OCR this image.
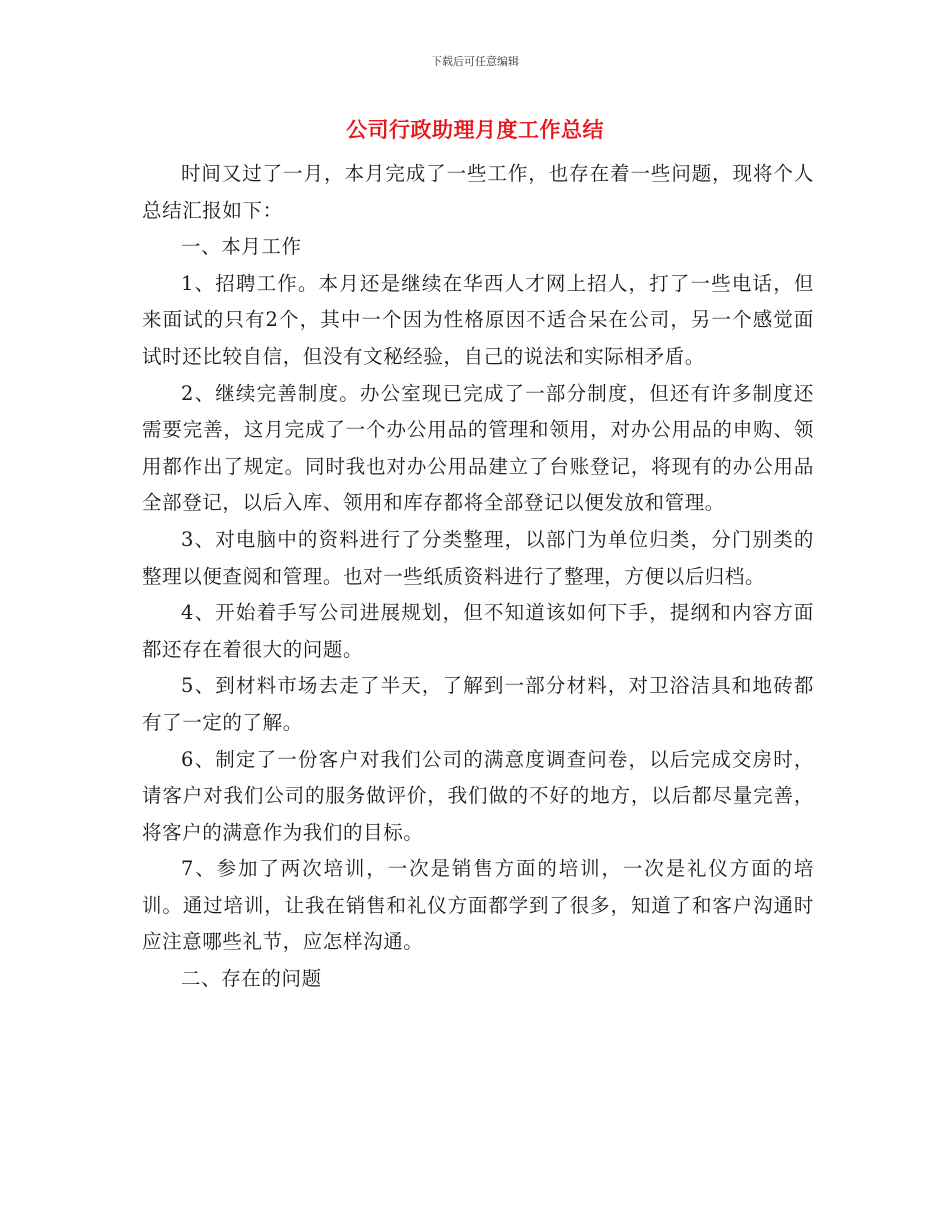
下载后可任意编辑
公司行政助理月度工作总结

时间又过了一月，本月完成了一些工作，也存在着一些问题，现将个人总结汇报如下：

一、本月工作

1、招聘工作。本月还是继续在华西人才网上招人，打了一些电话，但来面试的只有2个，其中一个因为性格原因不适合呆在公司，另一个感觉面试时还比较自信，但没有文秘经验，自己的说法和实际相矛盾。

2、继续完善制度。办公室现已完成了一部分制度，但还有许多制度还需要完善，这月完成了一个办公用品的管理和领用，对办公用品的申购、领用都作出了规定。同时我也对办公用品建立了台账登记，将现有的办公用品全部登记，以后入库、领用和库存都将全部登记以便发放和管理。

3、对电脑中的资料进行了分类整理，以部门为单位归类，分门别类的整理以便查阅和管理。也对一些纸质资料进行了整理，方便以后归档。

4、开始着手写公司进展规划，但不知道该如何下手，提纲和内容方面都还存在着很大的问题。

5、到材料市场去走了半天，了解到一部分材料，对卫浴洁具和地砖都有了一定的了解。

6、制定了一份客户对我们公司的满意度调查问卷，以后完成交房时，请客户对我们公司的服务做评价，我们做的不好的地方，以后都尽量完善，将客户的满意作为我们的目标。

7、参加了两次培训，一次是销售方面的培训，一次是礼仪方面的培训。通过培训，让我在销售和礼仪方面都学到了很多，知道了和客户沟通时应注意哪些礼节，应怎样沟通。

二、存在的问题
